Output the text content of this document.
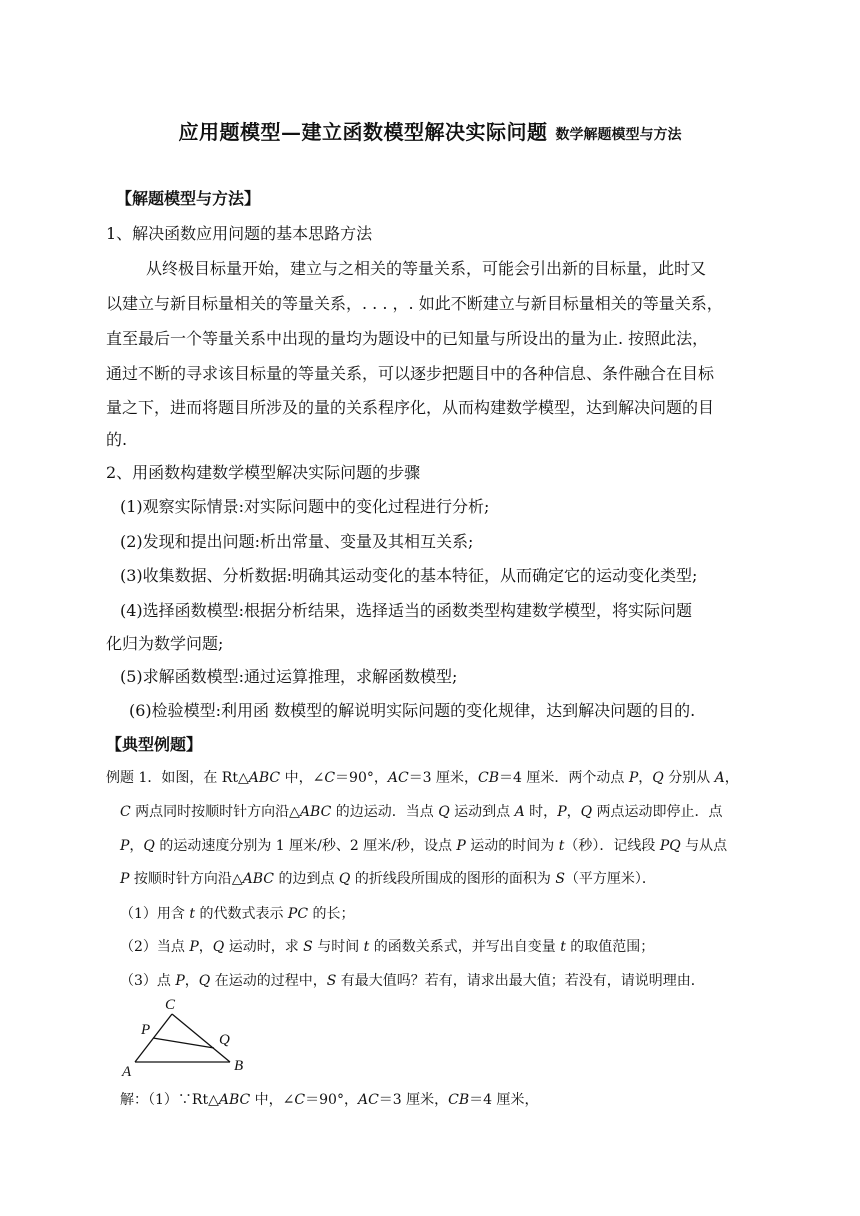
应用题模型—建立函数模型解决实际问题 数学解题模型与方法
【解题模型与方法】
1、解决函数应用问题的基本思路方法
从终极目标量开始，建立与之相关的等量关系，可能会引出新的目标量，此时又
以建立与新目标量相关的等量关系，. . . ，. 如此不断建立与新目标量相关的等量关系，
直至最后一个等量关系中出现的量均为题设中的已知量与所设出的量为止. 按照此法，
通过不断的寻求该目标量的等量关系，可以逐步把题目中的各种信息、条件融合在目标
量之下，进而将题目所涉及的量的关系程序化，从而构建数学模型，达到解决问题的目
的.
2、用函数构建数学模型解决实际问题的步骤
(1)观察实际情景:对实际问题中的变化过程进行分析;
(2)发现和提出问题:析出常量、变量及其相互关系;
(3)收集数据、分析数据:明确其运动变化的基本特征，从而确定它的运动变化类型;
(4)选择函数模型:根据分析结果，选择适当的函数类型构建数学模型，将实际问题
化归为数学问题;
(5)求解函数模型:通过运算推理，求解函数模型;
(6)检验模型:利用函 数模型的解说明实际问题的变化规律，达到解决问题的目的.
【典型例题】
例题 1．如图，在 Rt△ABC 中，∠C＝90°，AC＝3 厘米，CB＝4 厘米．两个动点 P，Q 分别从 A，
C 两点同时按顺时针方向沿△ABC 的边运动．当点 Q 运动到点 A 时，P，Q 两点运动即停止．点
P，Q 的运动速度分别为 1 厘米/秒、2 厘米/秒，设点 P 运动的时间为 t（秒）．记线段 PQ 与从点
P 按顺时针方向沿△ABC 的边到点 Q 的折线段所围成的图形的面积为 S（平方厘米）．
（1）用含 t 的代数式表示 PC 的长；
（2）当点 P，Q 运动时，求 S 与时间 t 的函数关系式，并写出自变量 t 的取值范围；
（3）点 P，Q 在运动的过程中，S 有最大值吗？若有，请求出最大值；若没有，请说明理由．
C
P
Q
A	B
解：（1）∵Rt△ABC 中，∠C＝90°，AC＝3 厘米，CB＝4 厘米，
